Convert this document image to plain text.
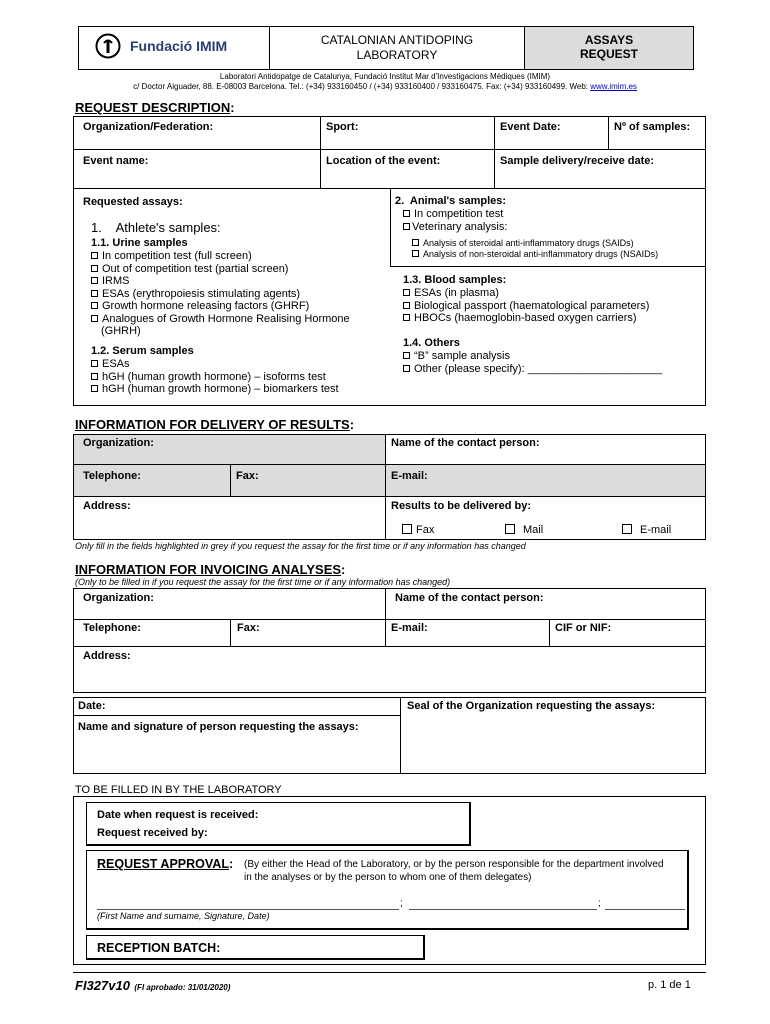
Fundació IMIM	CATALONIAN ANTIDOPING
LABORATORY
ASSAYS
REQUEST
Laboratori Antidopatge de Catalunya, Fundació Institut Mar d'Investigacions Mèdiques (IMIM)
c/ Doctor Aiguader, 88. E-08003 Barcelona. Tel.: (+34) 933160450 / (+34) 933160400 / 933160475. Fax: (+34) 933160499. Web: www.imim.es
REQUEST DESCRIPTION:
Organization/Federation:	Sport:	Event Date:	Nº of samples:
Event name:	Location of the event:	Sample delivery/receive date:
Requested assays:
1.    Athlete's samples:
1.1. Urine samples
In competition test (full screen)
Out of competition test (partial screen)
IRMS
ESAs (erythropoiesis stimulating agents)
Growth hormone releasing factors (GHRF)
Analogues of Growth Hormone Realising Hormone
(GHRH)
1.2. Serum samples
ESAs
hGH (human growth hormone) – isoforms test
hGH (human growth hormone) – biomarkers test
2.  Animal's samples:
In competition test
Veterinary analysis:
Analysis of steroidal anti-inflammatory drugs (SAIDs)
Analysis of non-steroidal anti-inflammatory drugs (NSAIDs)
1.3. Blood samples:
ESAs (in plasma)
Biological passport (haematological parameters)
HBOCs (haemoglobin-based oxygen carriers)
1.4. Others
“B” sample analysis
Other (please specify): ______________________
INFORMATION FOR DELIVERY OF RESULTS:
Organization:	Name of the contact person:
Telephone:	Fax:	E-mail:
Address:	Results to be delivered by:
Fax	Mail	E-mail
Only fill in the fields highlighted in grey if you request the assay for the first time or if any information has changed
INFORMATION FOR INVOICING ANALYSES:
(Only to be filled in if you request the assay for the first time or if any information has changed)
Organization:	Name of the contact person:
Telephone:	Fax:	E-mail:	CIF or NIF:
Address:
Date:	Seal of the Organization requesting the assays:
Name and signature of person requesting the assays:
TO BE FILLED IN BY THE LABORATORY
Date when request is received:
Request received by:
REQUEST APPROVAL: (By either the Head of the Laboratory, or by the person responsible for the department involved
in the analyses or by the person to whom one of them delegates)
;	;
(First Name and surname, Signature, Date)
RECEPTION BATCH:
FI327v10 (FI aprobado: 31/01/2020)	p. 1 de 1
